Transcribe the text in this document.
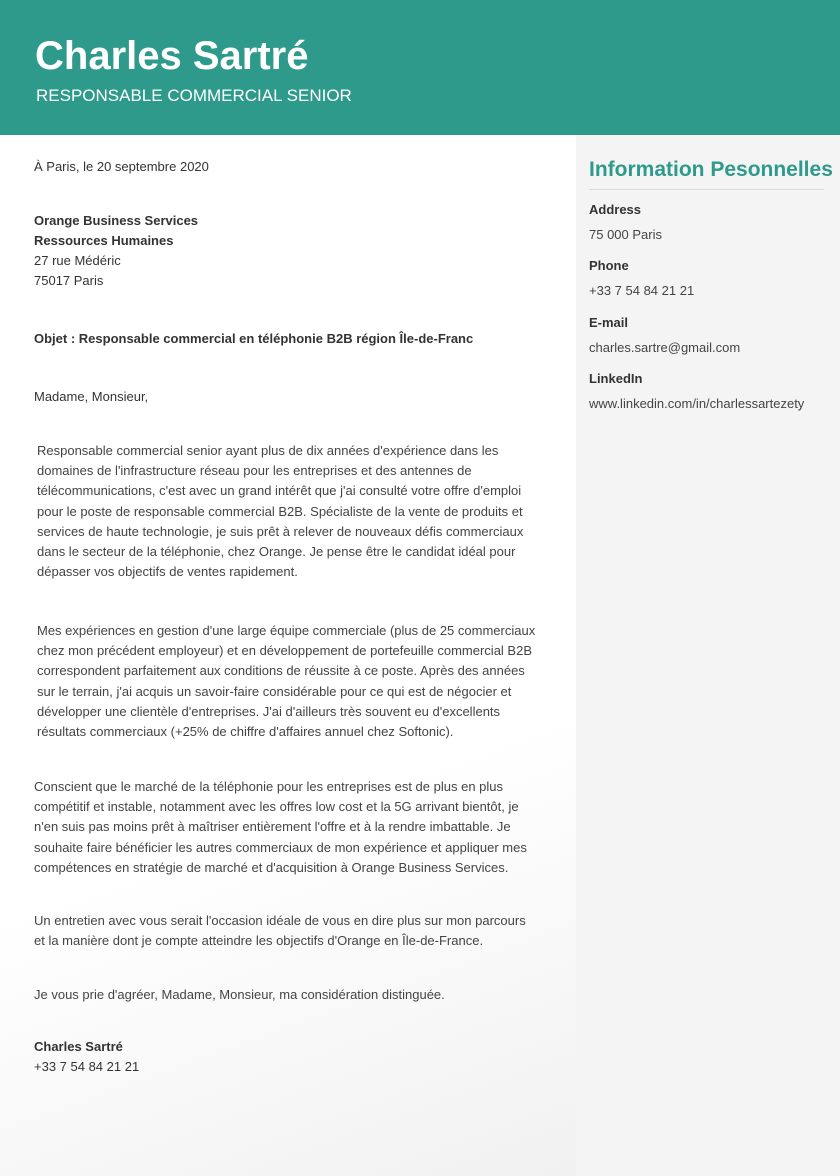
Charles Sartré
RESPONSABLE COMMERCIAL SENIOR
Information Pesonnelles
Address
75 000 Paris
Phone
+33 7 54 84 21 21
E-mail
charles.sartre@gmail.com
LinkedIn
www.linkedin.com/in/charlessartezety
À Paris, le 20 septembre 2020
Orange Business Services
Ressources Humaines
27 rue Médéric
75017 Paris
Objet : Responsable commercial en téléphonie B2B région Île-de-Franc
Madame, Monsieur,

Responsable commercial senior ayant plus de dix années d'expérience dans les
domaines de l'infrastructure réseau pour les entreprises et des antennes de
télécommunications, c'est avec un grand intérêt que j'ai consulté votre offre d'emploi
pour le poste de responsable commercial B2B. Spécialiste de la vente de produits et
services de haute technologie, je suis prêt à relever de nouveaux défis commerciaux
dans le secteur de la téléphonie, chez Orange. Je pense être le candidat idéal pour
dépasser vos objectifs de ventes rapidement.

Mes expériences en gestion d'une large équipe commerciale (plus de 25 commerciaux
chez mon précédent employeur) et en développement de portefeuille commercial B2B
correspondent parfaitement aux conditions de réussite à ce poste. Après des années
sur le terrain, j'ai acquis un savoir-faire considérable pour ce qui est de négocier et
développer une clientèle d'entreprises. J'ai d'ailleurs très souvent eu d'excellents
résultats commerciaux (+25% de chiffre d'affaires annuel chez Softonic).

Conscient que le marché de la téléphonie pour les entreprises est de plus en plus
compétitif et instable, notamment avec les offres low cost et la 5G arrivant bientôt, je
n'en suis pas moins prêt à maîtriser entièrement l'offre et à la rendre imbattable. Je
souhaite faire bénéficier les autres commerciaux de mon expérience et appliquer mes
compétences en stratégie de marché et d'acquisition à Orange Business Services.

Un entretien avec vous serait l'occasion idéale de vous en dire plus sur mon parcours
et la manière dont je compte atteindre les objectifs d'Orange en Île-de-France.

Je vous prie d'agréer, Madame, Monsieur, ma considération distinguée.

Charles Sartré
+33 7 54 84 21 21
